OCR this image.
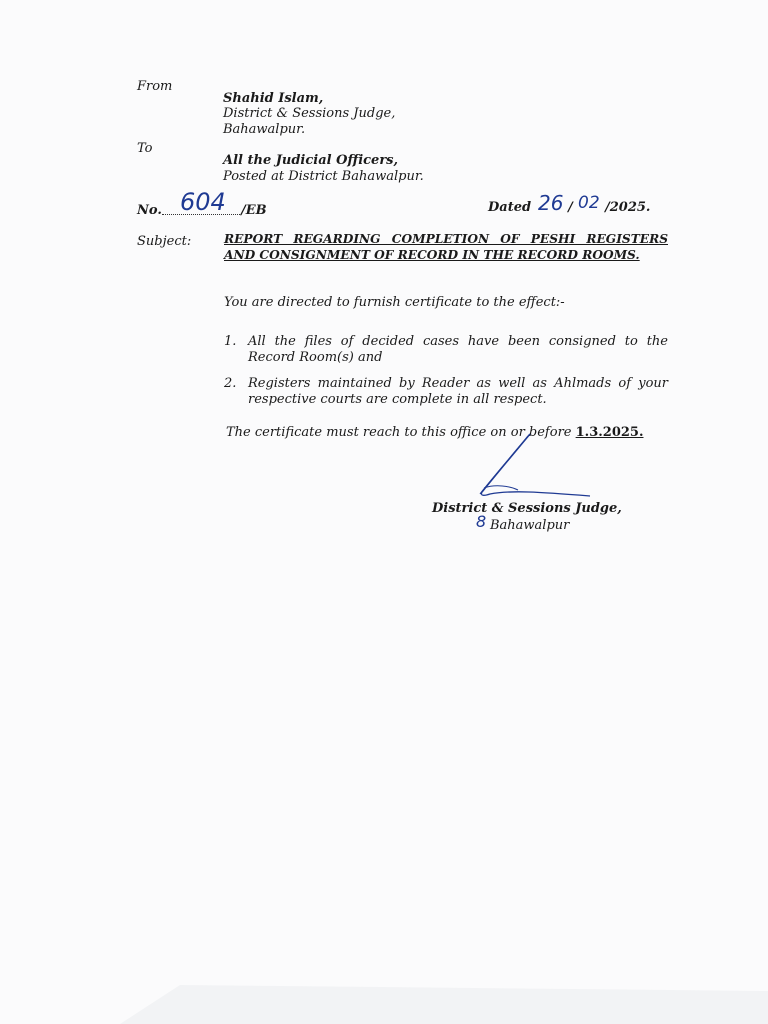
From
Shahid Islam,
District & Sessions Judge,
Bahawalpur.
To
All the Judicial Officers,
Posted at District Bahawalpur.
No. 604 /EB	Dated 26 / 02 /2025.
Subject:	REPORT REGARDING COMPLETION OF PESHI REGISTERS AND CONSIGNMENT OF RECORD IN THE RECORD ROOMS.
You are directed to furnish certificate to the effect:-
1. All the files of decided cases have been consigned to the Record Room(s) and
2. Registers maintained by Reader as well as Ahlmads of your respective courts are complete in all respect.
The certificate must reach to this office on or before 1.3.2025.
District & Sessions Judge,
8 Bahawalpur
